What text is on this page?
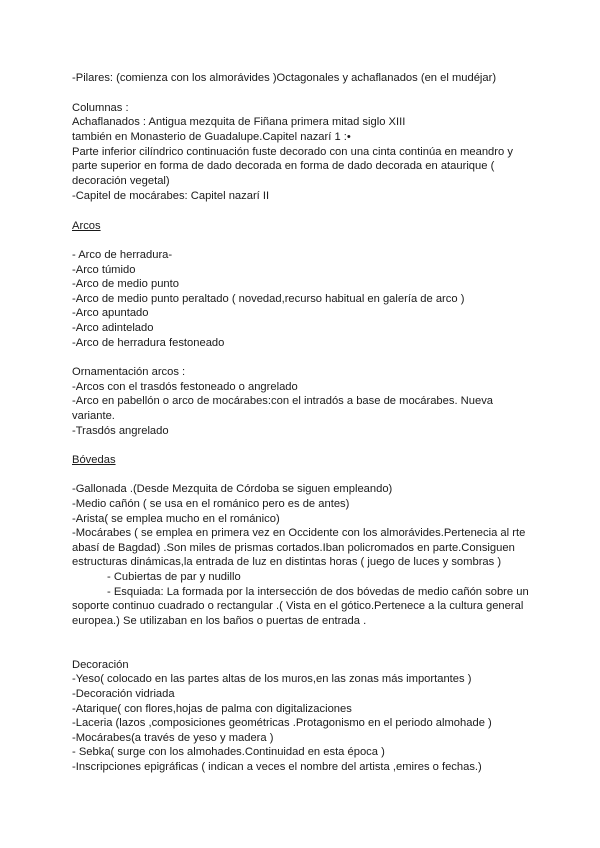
-Pilares: (comienza con los almorávides )Octagonales y achaflanados (en el mudéjar)
Columnas :
Achaflanados : Antigua mezquita de Fiñana primera mitad siglo XIII
también en Monasterio de Guadalupe.Capitel nazarí 1 :•
Parte inferior cilíndrico continuación fuste decorado con una cinta continúa en meandro y
parte superior en forma de dado decorada en forma de dado decorada en ataurique (
decoración vegetal)
-Capitel de mocárabes: Capitel nazarí II
Arcos
- Arco de herradura-
-Arco túmido
-Arco de medio punto
-Arco de medio punto peraltado ( novedad,recurso habitual en galería de arco )
-Arco apuntado
-Arco adintelado
-Arco de herradura festoneado
Ornamentación arcos :
-Arcos con el trasdós festoneado o angrelado
-Arco en pabellón o arco de mocárabes:con el intradós a base de mocárabes. Nueva
variante.
-Trasdós angrelado
Bóvedas
-Gallonada .(Desde Mezquita de Córdoba se siguen empleando)
-Medio cañón ( se usa en el románico pero es de antes)
-Arista( se emplea mucho en el románico)
-Mocárabes ( se emplea en primera vez en Occidente con los almorávides.Pertenecia al rte
abasí de Bagdad) .Son miles de prismas cortados.Iban policromados en parte.Consiguen
estructuras dinámicas,la entrada de luz en distintas horas ( juego de luces y sombras )
- Cubiertas de par y nudillo
- Esquiada: La formada por la intersección de dos bóvedas de medio cañón sobre un
soporte continuo cuadrado o rectangular .( Vista en el gótico.Pertenece a la cultura general
europea.) Se utilizaban en los baños o puertas de entrada .
Decoración
-Yeso( colocado en las partes altas de los muros,en las zonas más importantes )
-Decoración vidriada
-Atarique( con flores,hojas de palma con digitalizaciones
-Laceria (lazos ,composiciones geométricas .Protagonismo en el periodo almohade )
-Mocárabes(a través de yeso y madera )
- Sebka( surge con los almohades.Continuidad en esta época )
-Inscripciones epigráficas ( indican a veces el nombre del artista ,emires o fechas.)
